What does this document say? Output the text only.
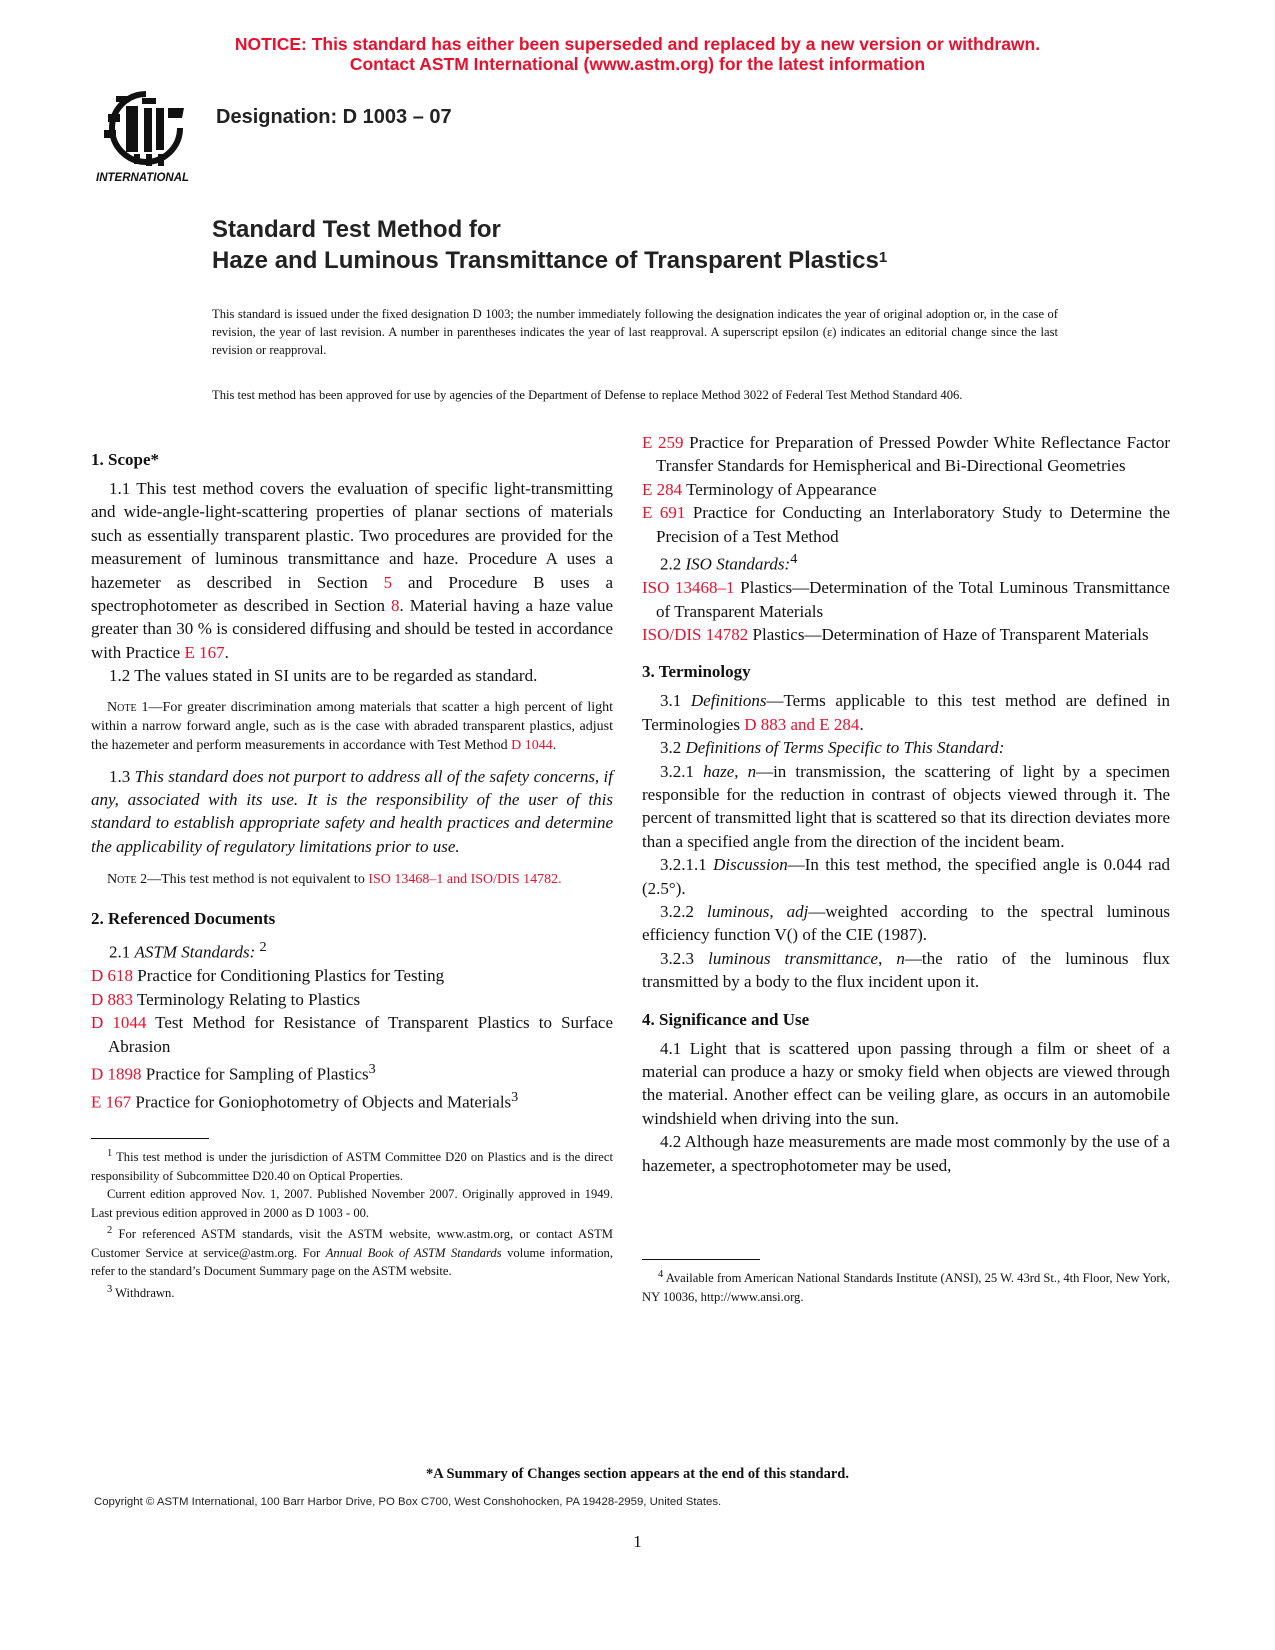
NOTICE: This standard has either been superseded and replaced by a new version or withdrawn.
Contact ASTM International (www.astm.org) for the latest information
INTERNATIONAL
Designation: D 1003 – 07
Standard Test Method for
Haze and Luminous Transmittance of Transparent Plastics$^1$
This standard is issued under the fixed designation D 1003; the number immediately following the designation indicates the year of original adoption or, in the case of revision, the year of last revision. A number in parentheses indicates the year of last reapproval. A superscript epsilon (ε) indicates an editorial change since the last revision or reapproval.
This test method has been approved for use by agencies of the Department of Defense to replace Method 3022 of Federal Test Method Standard 406.
1. Scope*

1.1 This test method covers the evaluation of specific light-transmitting and wide-angle-light-scattering properties of planar sections of materials such as essentially transparent plastic. Two procedures are provided for the measurement of luminous transmittance and haze. Procedure A uses a hazemeter as described in Section 5 and Procedure B uses a spectrophotometer as described in Section 8. Material having a haze value greater than 30 % is considered diffusing and should be tested in accordance with Practice E 167.

1.2 The values stated in SI units are to be regarded as standard.

Note 1—For greater discrimination among materials that scatter a high percent of light within a narrow forward angle, such as is the case with abraded transparent plastics, adjust the hazemeter and perform measurements in accordance with Test Method D 1044.

1.3 This standard does not purport to address all of the safety concerns, if any, associated with its use. It is the responsibility of the user of this standard to establish appropriate safety and health practices and determine the applicability of regulatory limitations prior to use.

Note 2—This test method is not equivalent to ISO 13468–1 and ISO/DIS 14782.

2. Referenced Documents

2.1 ASTM Standards: $^2$

D 618 Practice for Conditioning Plastics for Testing

D 883 Terminology Relating to Plastics

D 1044 Test Method for Resistance of Transparent Plastics to Surface Abrasion

D 1898 Practice for Sampling of Plastics$^3$

E 167 Practice for Goniophotometry of Objects and Materials$^3$

$^1$ This test method is under the jurisdiction of ASTM Committee D20 on Plastics and is the direct responsibility of Subcommittee D20.40 on Optical Properties.

Current edition approved Nov. 1, 2007. Published November 2007. Originally approved in 1949. Last previous edition approved in 2000 as D 1003 - 00.

$^2$ For referenced ASTM standards, visit the ASTM website, www.astm.org, or contact ASTM Customer Service at service@astm.org. For Annual Book of ASTM Standards volume information, refer to the standard’s Document Summary page on the ASTM website.

$^3$ Withdrawn.

E 259 Practice for Preparation of Pressed Powder White Reflectance Factor Transfer Standards for Hemispherical and Bi-Directional Geometries

E 284 Terminology of Appearance

E 691 Practice for Conducting an Interlaboratory Study to Determine the Precision of a Test Method

2.2 ISO Standards:$^4$

ISO 13468–1 Plastics—Determination of the Total Luminous Transmittance of Transparent Materials

ISO/DIS 14782 Plastics—Determination of Haze of Transparent Materials

3. Terminology

3.1 Definitions—Terms applicable to this test method are defined in Terminologies D 883 and E 284.

3.2 Definitions of Terms Specific to This Standard:

3.2.1 haze, n—in transmission, the scattering of light by a specimen responsible for the reduction in contrast of objects viewed through it. The percent of transmitted light that is scattered so that its direction deviates more than a specified angle from the direction of the incident beam.

3.2.1.1 Discussion—In this test method, the specified angle is 0.044 rad (2.5°).

3.2.2 luminous, adj—weighted according to the spectral luminous efficiency function V() of the CIE (1987).

3.2.3 luminous transmittance, n—the ratio of the luminous flux transmitted by a body to the flux incident upon it.

4. Significance and Use

4.1 Light that is scattered upon passing through a film or sheet of a material can produce a hazy or smoky field when objects are viewed through the material. Another effect can be veiling glare, as occurs in an automobile windshield when driving into the sun.

4.2 Although haze measurements are made most commonly by the use of a hazemeter, a spectrophotometer may be used,

$^4$ Available from American National Standards Institute (ANSI), 25 W. 43rd St., 4th Floor, New York, NY 10036, http://www.ansi.org.

*A Summary of Changes section appears at the end of this standard.
Copyright © ASTM International, 100 Barr Harbor Drive, PO Box C700, West Conshohocken, PA 19428-2959, United States.
1
